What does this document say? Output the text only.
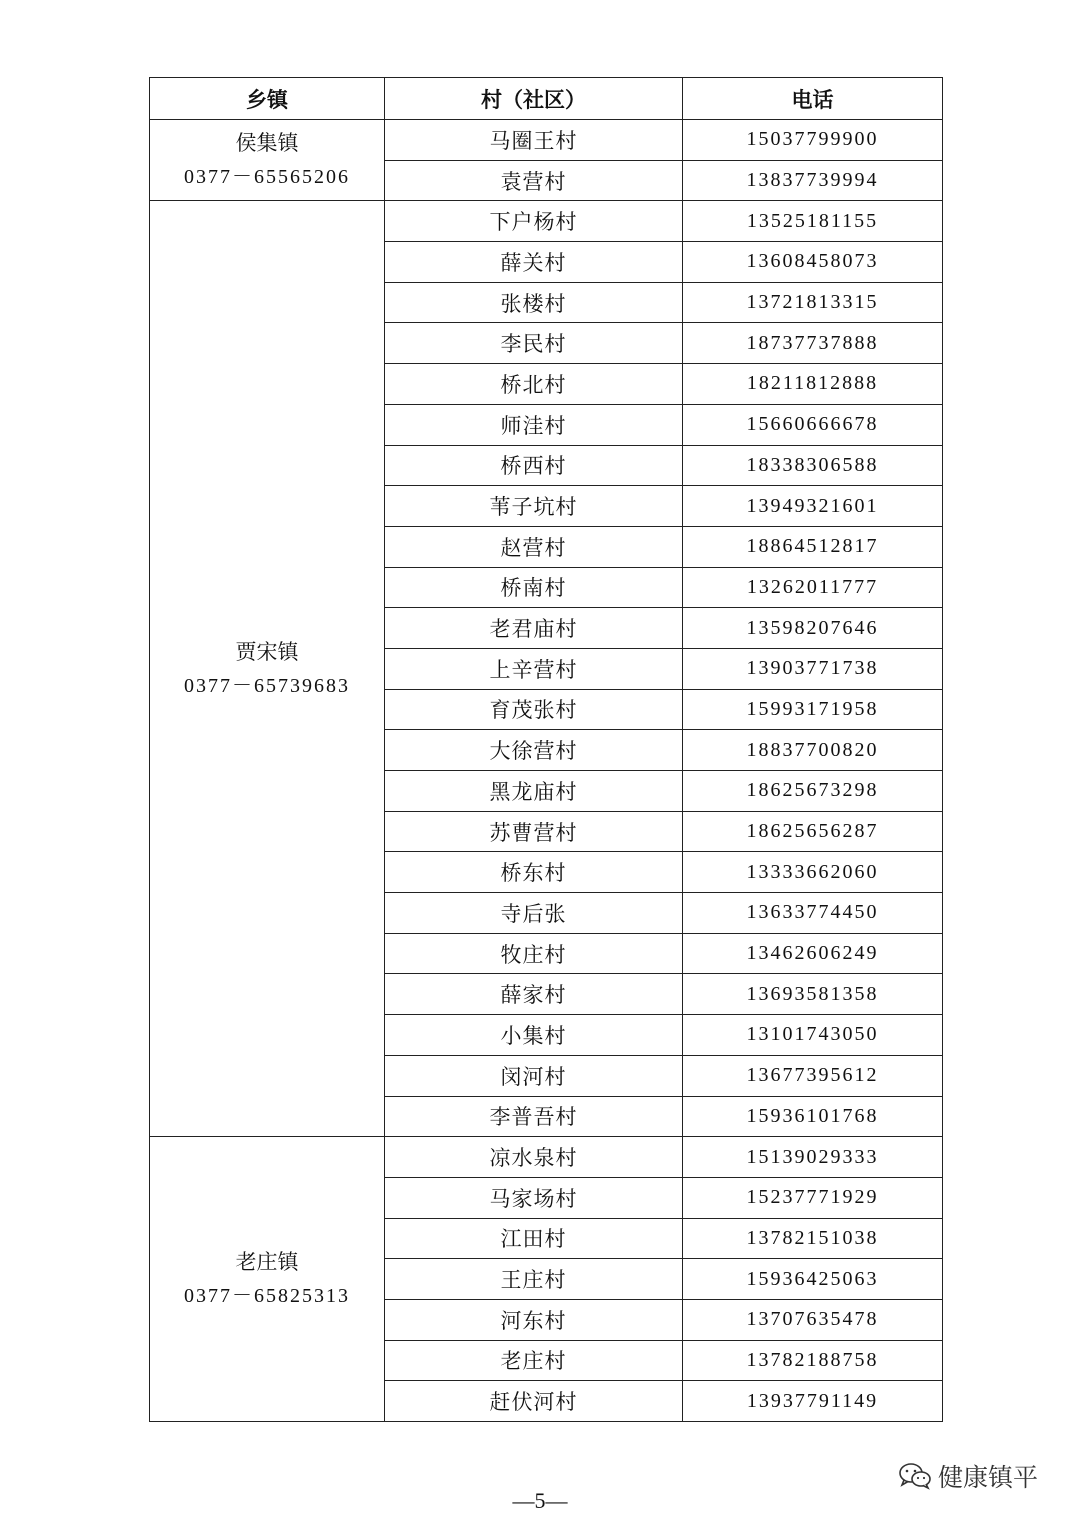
乡镇	村（社区）	电话

侯集镇
0377－65565206	马圈王村	15037799900
	袁营村	13837739994

贾宋镇
0377－65739683	下户杨村	13525181155
	薛关村	13608458073
	张楼村	13721813315
	李民村	18737737888
	桥北村	18211812888
	师洼村	15660666678
	桥西村	18338306588
	苇子坑村	13949321601
	赵营村	18864512817
	桥南村	13262011777
	老君庙村	13598207646
	上辛营村	13903771738
	育茂张村	15993171958
	大徐营村	18837700820
	黑龙庙村	18625673298
	苏曹营村	18625656287
	桥东村	13333662060
	寺后张	13633774450
	牧庄村	13462606249
	薛家村	13693581358
	小集村	13101743050
	闵河村	13677395612
	李普吾村	15936101768

老庄镇
0377－65825313	凉水泉村	15139029333
	马家场村	15237771929
	江田村	13782151038
	王庄村	15936425063
	河东村	13707635478
	老庄村	13782188758
	赶伏河村	13937791149
健康镇平
—5—
